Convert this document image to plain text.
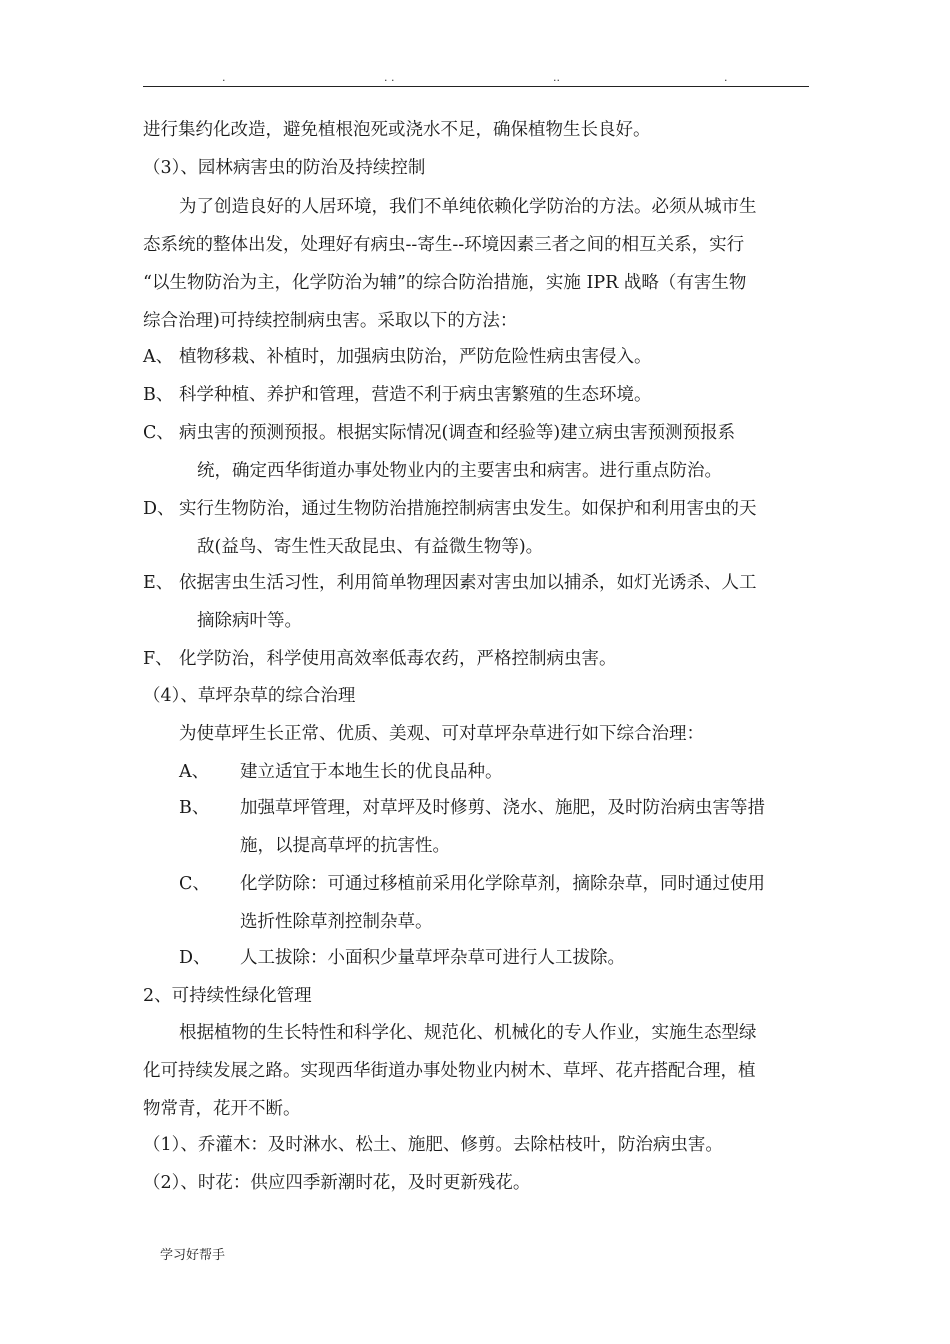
.	. .	..	.
进行集约化改造，避免植根泡死或浇水不足，确保植物生长良好。
（3）、园林病害虫的防治及持续控制
为了创造良好的人居环境，我们不单纯依赖化学防治的方法。必须从城市生
态系统的整体出发，处理好有病虫--寄生--环境因素三者之间的相互关系，实行
“以生物防治为主，化学防治为辅”的综合防治措施，实施 IPR 战略（有害生物
综合治理)可持续控制病虫害。采取以下的方法：
A、 植物移栽、补植时，加强病虫防治，严防危险性病虫害侵入。
B、 科学种植、养护和管理，营造不利于病虫害繁殖的生态环境。
C、 病虫害的预测预报。根据实际情况(调查和经验等)建立病虫害预测预报系
统，确定西华街道办事处物业内的主要害虫和病害。进行重点防治。
D、 实行生物防治，通过生物防治措施控制病害虫发生。如保护和利用害虫的天
敌(益鸟、寄生性天敌昆虫、有益微生物等)。
E、 依据害虫生活习性，利用简单物理因素对害虫加以捕杀，如灯光诱杀、人工
摘除病叶等。
F、 化学防治，科学使用高效率低毒农药，严格控制病虫害。
（4）、草坪杂草的综合治理
为使草坪生长正常、优质、美观、可对草坪杂草进行如下综合治理：
A、 建立适宜于本地生长的优良品种。
B、 加强草坪管理，对草坪及时修剪、浇水、施肥，及时防治病虫害等措
施，以提高草坪的抗害性。
C、 化学防除：可通过移植前采用化学除草剂，摘除杂草，同时通过使用
选折性除草剂控制杂草。
D、 人工拔除：小面积少量草坪杂草可进行人工拔除。
2、可持续性绿化管理
根据植物的生长特性和科学化、规范化、机械化的专人作业，实施生态型绿
化可持续发展之路。实现西华街道办事处物业内树木、草坪、花卉搭配合理，植
物常青，花开不断。
（1）、乔灌木：及时淋水、松土、施肥、修剪。去除枯枝叶，防治病虫害。
（2）、时花：供应四季新潮时花，及时更新残花。
学习好帮手
